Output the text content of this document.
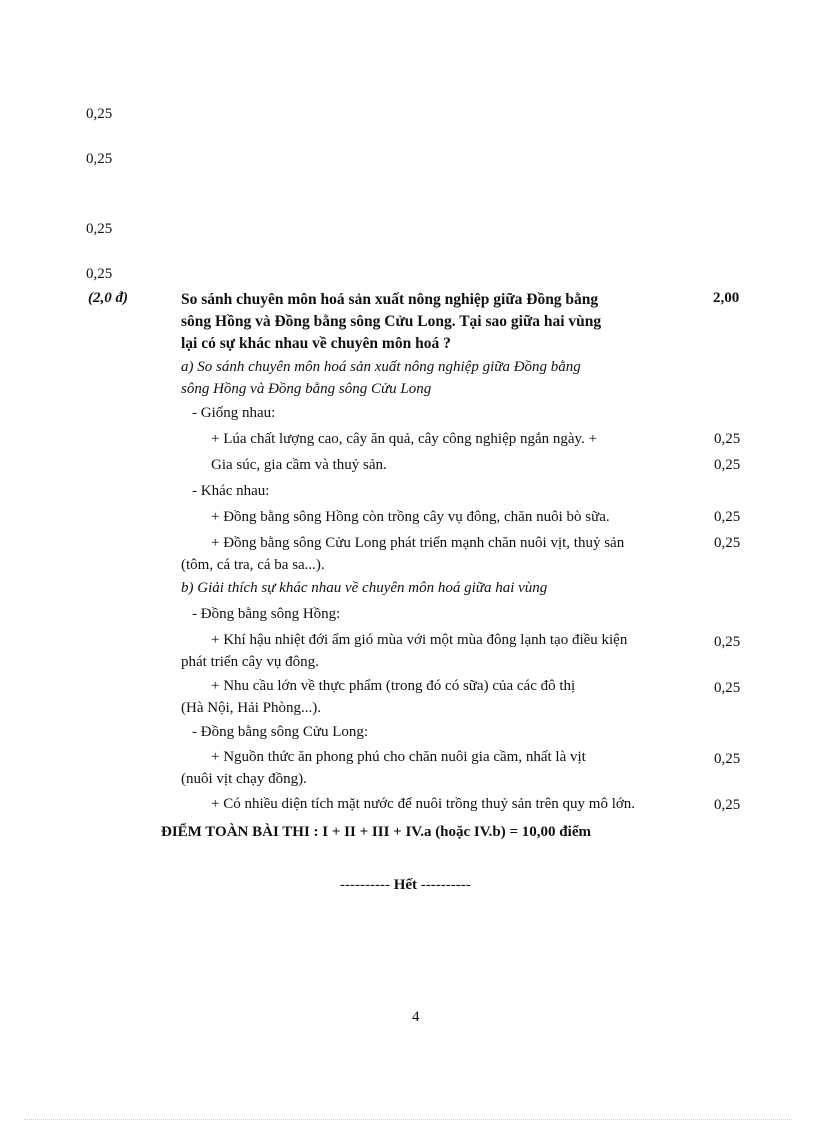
0,25
0,25
0,25
0,25
(2,0 đ)	So sánh chuyên môn hoá sản xuất nông nghiệp giữa Đồng bằng
sông Hồng và Đồng bằng sông Cửu Long. Tại sao giữa hai vùng
lại có sự khác nhau về chuyên môn hoá ?
2,00
a) So sánh chuyên môn hoá sản xuất nông nghiệp giữa Đồng bằng
sông Hồng và Đồng bằng sông Cửu Long
- Giống nhau:
+ Lúa chất lượng cao, cây ăn quả, cây công nghiệp ngắn ngày. +	0,25
Gia súc, gia cầm và thuỷ sản.	0,25
- Khác nhau:
+ Đồng bằng sông Hồng còn trồng cây vụ đông, chăn nuôi bò sữa.	0,25
+ Đồng bằng sông Cửu Long phát triển mạnh chăn nuôi vịt, thuỷ sản	0,25
(tôm, cá tra, cá ba sa...).
b) Giải thích sự khác nhau về chuyên môn hoá giữa hai vùng
- Đồng bằng sông Hồng:
+ Khí hậu nhiệt đới ẩm gió mùa với một mùa đông lạnh tạo điều kiện	0,25
phát triển cây vụ đông.
+ Nhu cầu lớn về thực phẩm (trong đó có sữa) của các đô thị	0,25
(Hà Nội, Hải Phòng...).
- Đồng bằng sông Cửu Long:
+ Nguồn thức ăn phong phú cho chăn nuôi gia cầm, nhất là vịt	0,25
(nuôi vịt chạy đồng).
+ Có nhiều diện tích mặt nước để nuôi trồng thuỷ sản trên quy mô lớn.	0,25
ĐIỂM TOÀN BÀI THI : I + II + III + IV.a (hoặc IV.b) = 10,00 điểm
---------- Hết ----------
4
